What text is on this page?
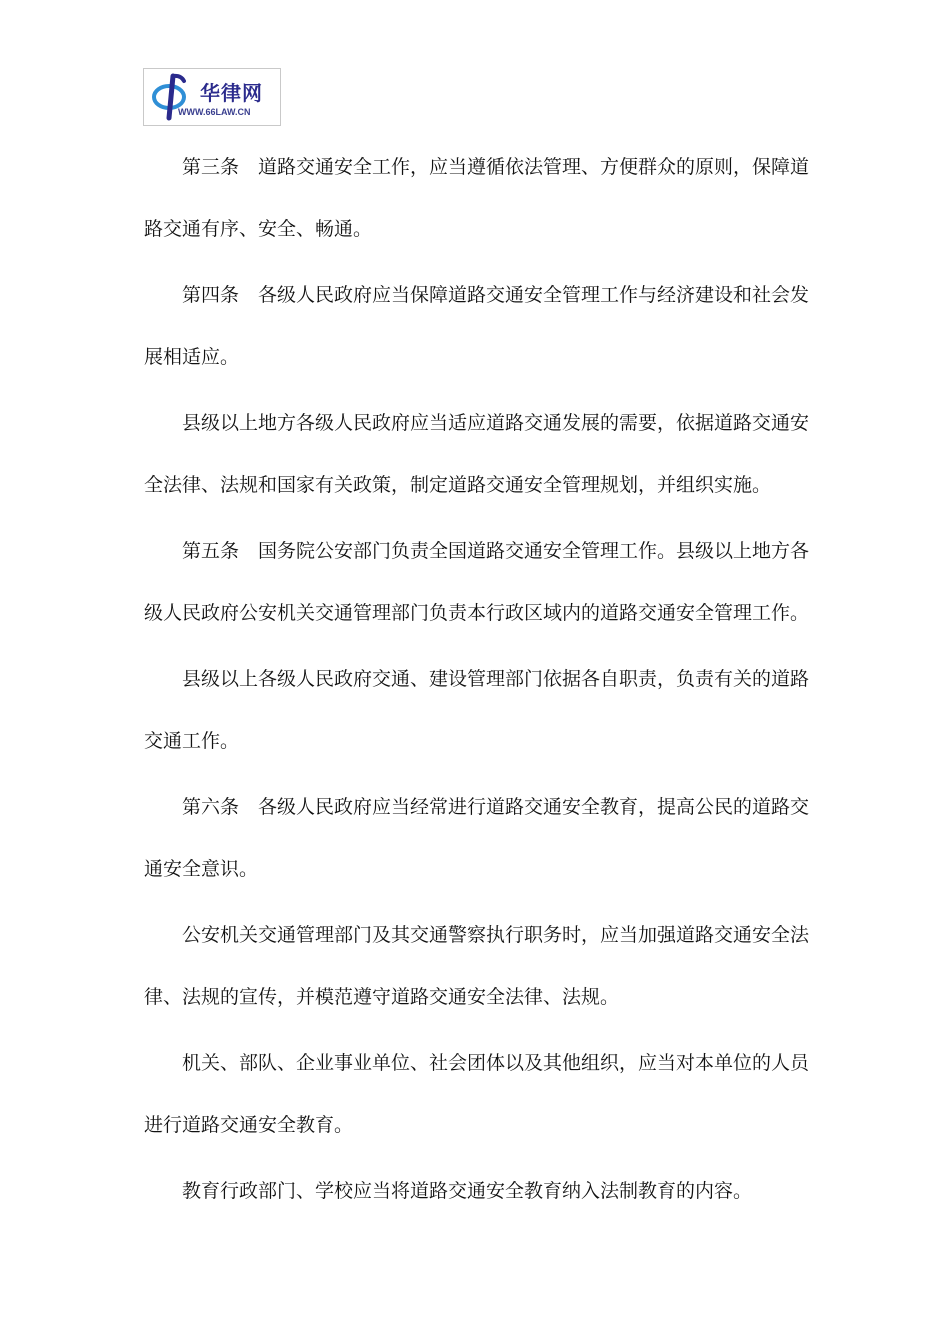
华律网
WWW.66LAW.CN

第三条　道路交通安全工作，应当遵循依法管理、方便群众的原则，保障道路交通有序、安全、畅通。

第四条　各级人民政府应当保障道路交通安全管理工作与经济建设和社会发展相适应。

县级以上地方各级人民政府应当适应道路交通发展的需要，依据道路交通安全法律、法规和国家有关政策，制定道路交通安全管理规划，并组织实施。

第五条　国务院公安部门负责全国道路交通安全管理工作。县级以上地方各级人民政府公安机关交通管理部门负责本行政区域内的道路交通安全管理工作。

县级以上各级人民政府交通、建设管理部门依据各自职责，负责有关的道路交通工作。

第六条　各级人民政府应当经常进行道路交通安全教育，提高公民的道路交通安全意识。

公安机关交通管理部门及其交通警察执行职务时，应当加强道路交通安全法律、法规的宣传，并模范遵守道路交通安全法律、法规。

机关、部队、企业事业单位、社会团体以及其他组织，应当对本单位的人员进行道路交通安全教育。

教育行政部门、学校应当将道路交通安全教育纳入法制教育的内容。
